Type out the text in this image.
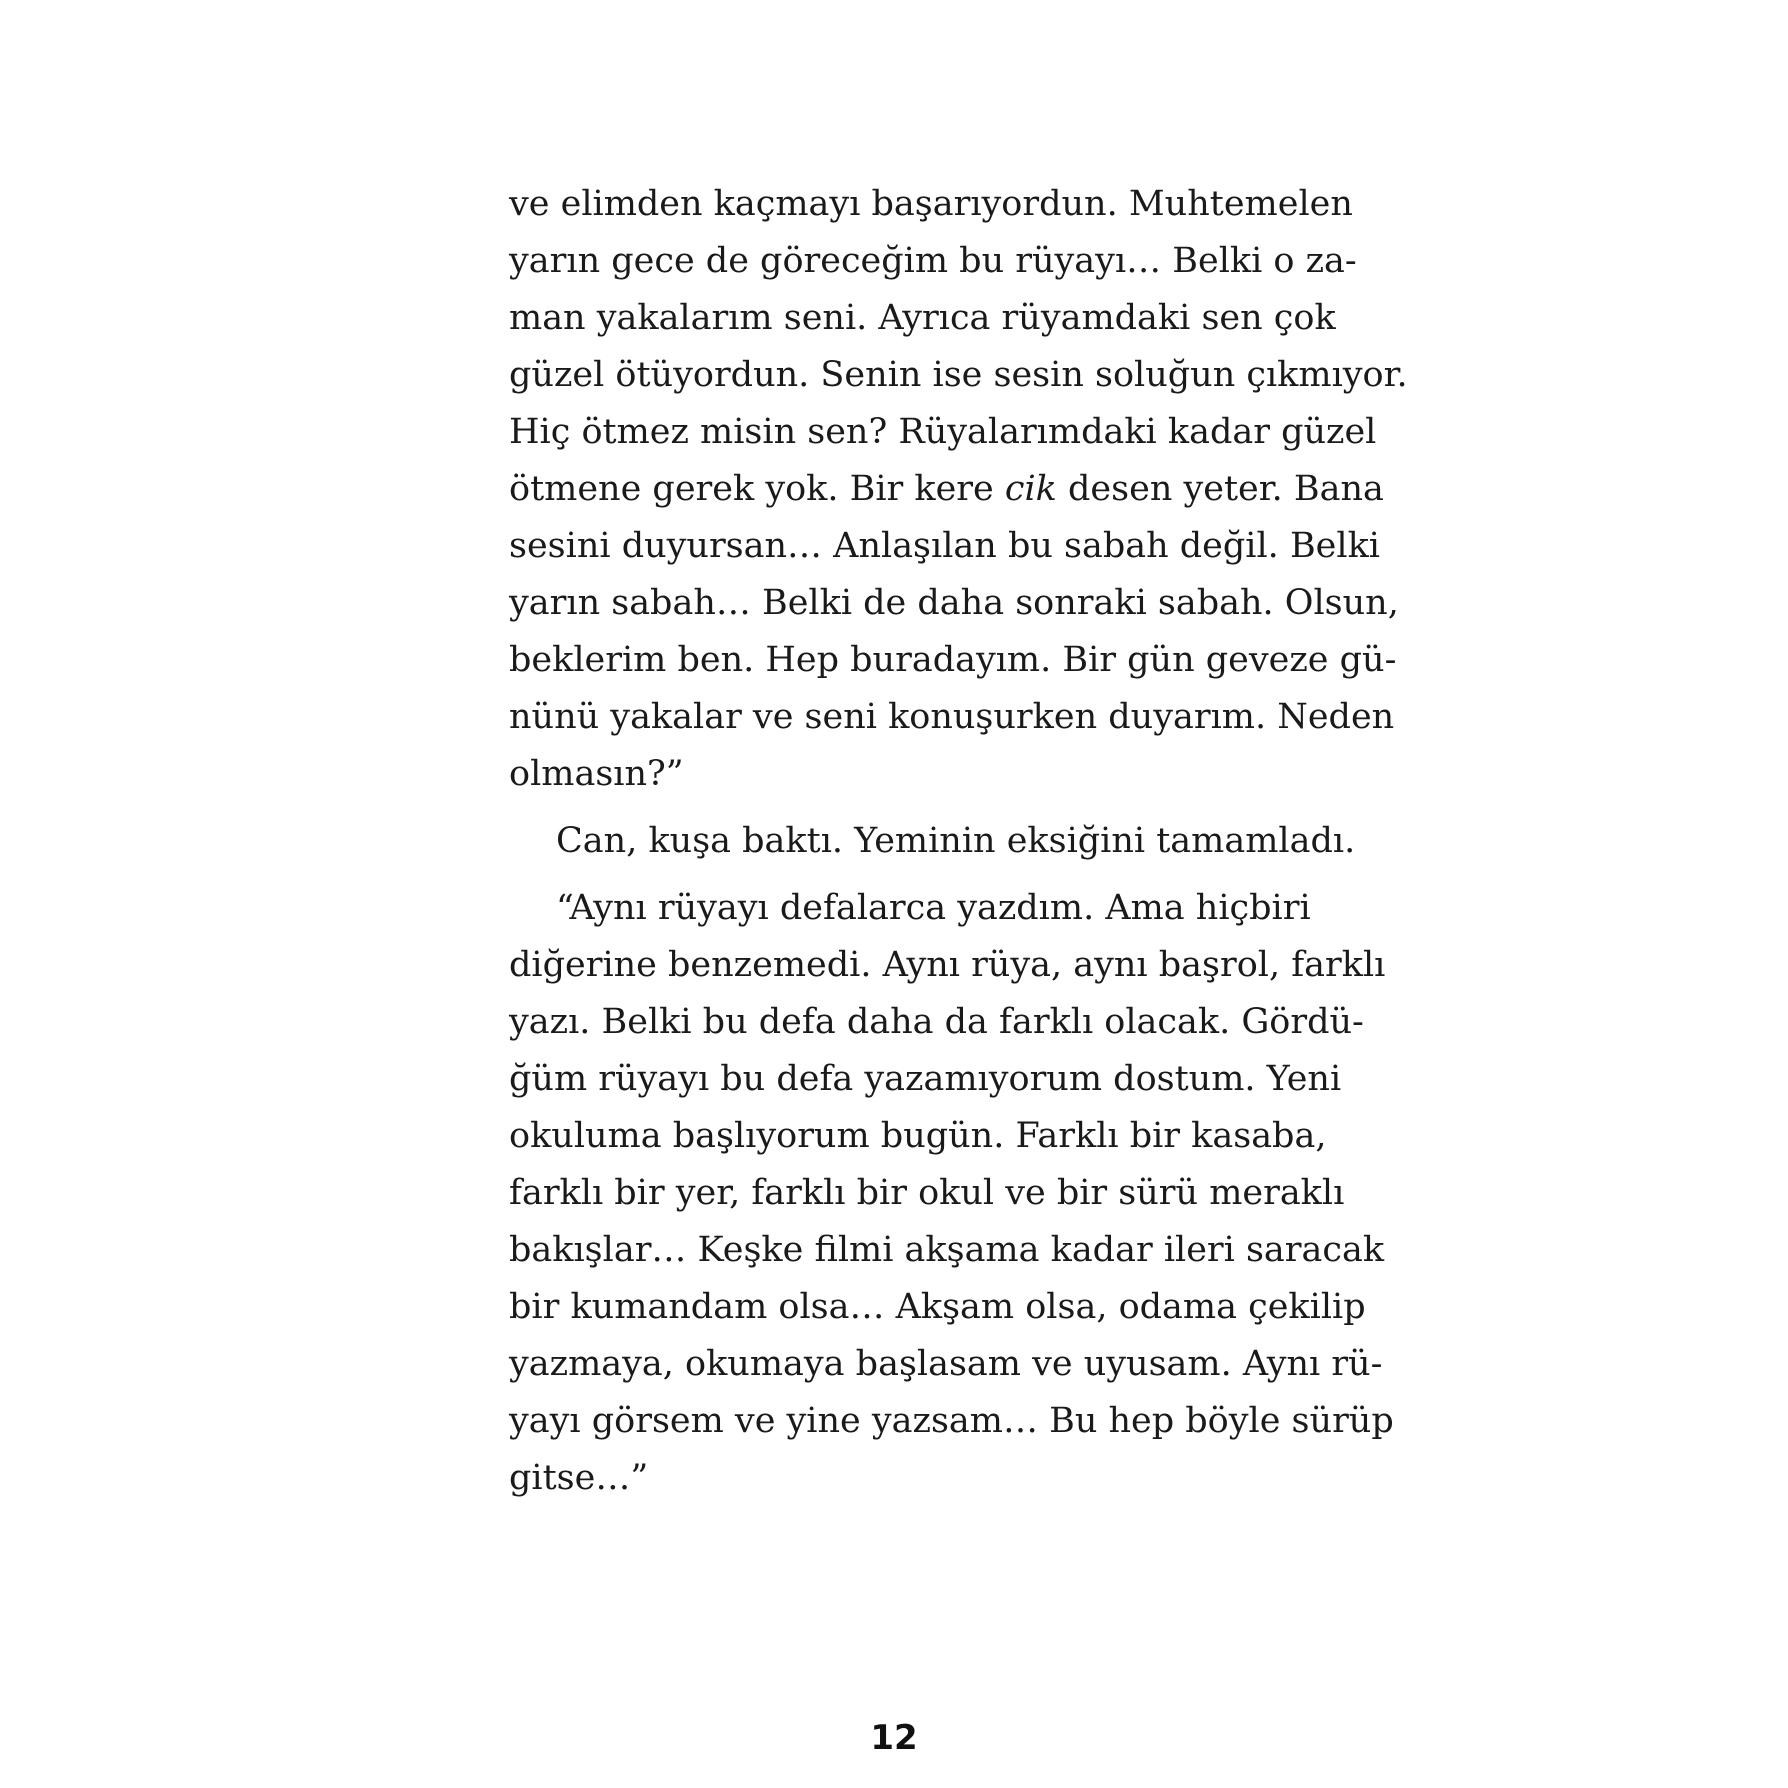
ve elimden kaçmayı başarıyordun. Muhtemelen
yarın gece de göreceğim bu rüyayı… Belki o za-
man yakalarım seni. Ayrıca rüyamdaki sen çok
güzel ötüyordun. Senin ise sesin soluğun çıkmıyor.
Hiç ötmez misin sen? Rüyalarımdaki kadar güzel
ötmene gerek yok. Bir kere cik desen yeter. Bana
sesini duyursan… Anlaşılan bu sabah değil. Belki
yarın sabah… Belki de daha sonraki sabah. Olsun,
beklerim ben. Hep buradayım. Bir gün geveze gü-
nünü yakalar ve seni konuşurken duyarım. Neden
olmasın?”
Can, kuşa baktı. Yeminin eksiğini tamamladı.
“Aynı rüyayı defalarca yazdım. Ama hiçbiri
diğerine benzemedi. Aynı rüya, aynı başrol, farklı
yazı. Belki bu defa daha da farklı olacak. Gördü-
ğüm rüyayı bu defa yazamıyorum dostum. Yeni
okuluma başlıyorum bugün. Farklı bir kasaba,
farklı bir yer, farklı bir okul ve bir sürü meraklı
bakışlar… Keşke filmi akşama kadar ileri saracak
bir kumandam olsa… Akşam olsa, odama çekilip
yazmaya, okumaya başlasam ve uyusam. Aynı rü-
yayı görsem ve yine yazsam… Bu hep böyle sürüp
gitse…”
12
